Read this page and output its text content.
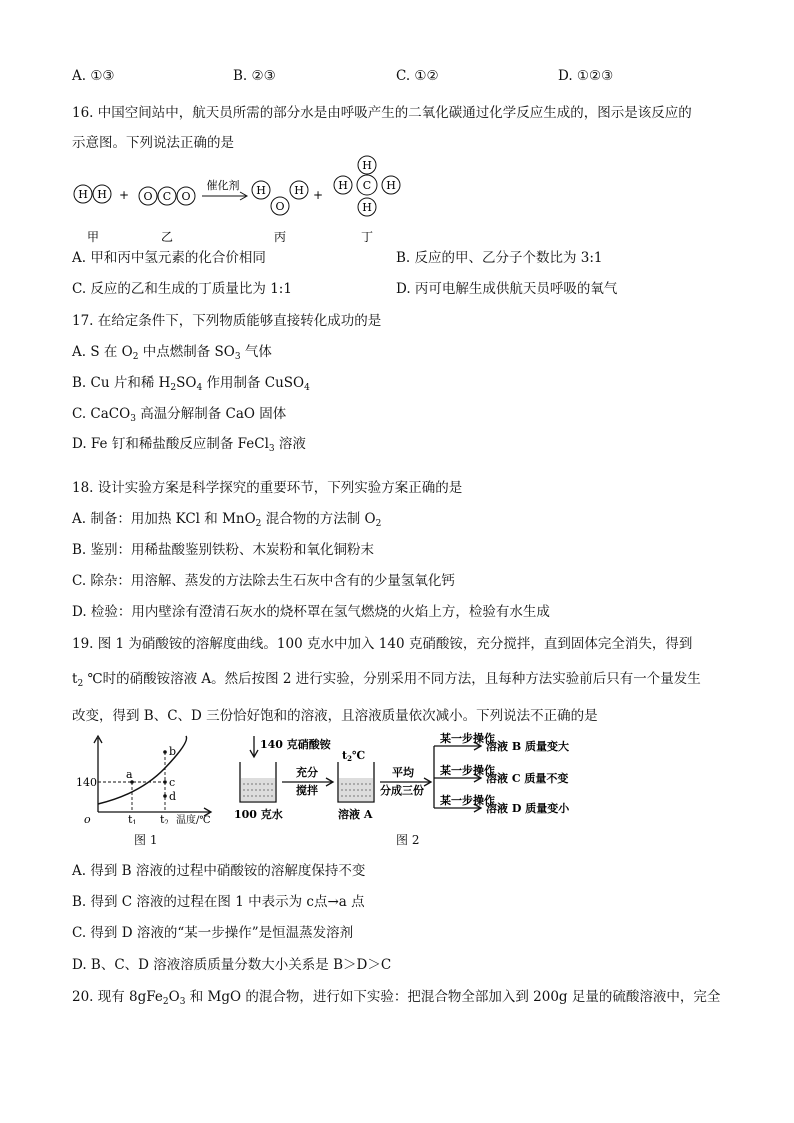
A. ①③	B. ②③	C. ①②	D. ①②③
16. 中国空间站中，航天员所需的部分水是由呼吸产生的二氧化碳通过化学反应生成的，图示是该反应的
示意图。下列说法正确的是
H H	O C O	H
O
H
H
H C H
H
+	+
催化剂
甲	乙	丙	丁
A. 甲和丙中氢元素的化合价相同	B. 反应的甲、乙分子个数比为 3:1
C. 反应的乙和生成的丁质量比为 1:1	D. 丙可电解生成供航天员呼吸的氧气
17. 在给定条件下，下列物质能够直接转化成功的是
A. S 在 $O_2$ 中点燃制备 $SO_3$ 气体
B. Cu 片和稀 $H_2SO_4$ 作用制备 CuSO$_4$
C. CaCO$_3$ 高温分解制备 CaO 固体
D. Fe 钉和稀盐酸反应制备 FeCl$_3$ 溶液
18. 设计实验方案是科学探究的重要环节，下列实验方案正确的是
A. 制备：用加热 KCl 和 MnO$_2$ 混合物的方法制 $O_2$
B. 鉴别：用稀盐酸鉴别铁粉、木炭粉和氧化铜粉末
C. 除杂：用溶解、蒸发的方法除去生石灰中含有的少量氢氧化钙
D. 检验：用内壁涂有澄清石灰水的烧杯罩在氢气燃烧的火焰上方，检验有水生成
19. 图 1 为硝酸铵的溶解度曲线。100 克水中加入 140 克硝酸铵，充分搅拌，直到固体完全消失，得到
$t_2$ ℃时的硝酸铵溶液 A。然后按图 2 进行实验，分别采用不同方法，且每种方法实验前后只有一个量发生
改变，得到 B、C、D 三份恰好饱和的溶液，且溶液质量依次减小。下列说法不正确的是
140
a
b
c
d
o	t1 t2 温度/℃
图 1
140 克硝酸铵
充分
搅拌
100 克水
t2℃
溶液 A
平均
分成三份
某一步操作
某一步操作
某一步操作
溶液 B 质量变大
溶液 C 质量不变
溶液 D 质量变小
图 2
A. 得到 B 溶液的过程中硝酸铵的溶解度保持不变
B. 得到 C 溶液的过程在图 1 中表示为 c点→a 点
C. 得到 D 溶液的“某一步操作”是恒温蒸发溶剂
D. B、C、D 溶液溶质质量分数大小关系是 B＞D＞C
20. 现有 $8gFe_2O_3$ 和 MgO 的混合物，进行如下实验：把混合物全部加入到 200g 足量的硫酸溶液中，完全
